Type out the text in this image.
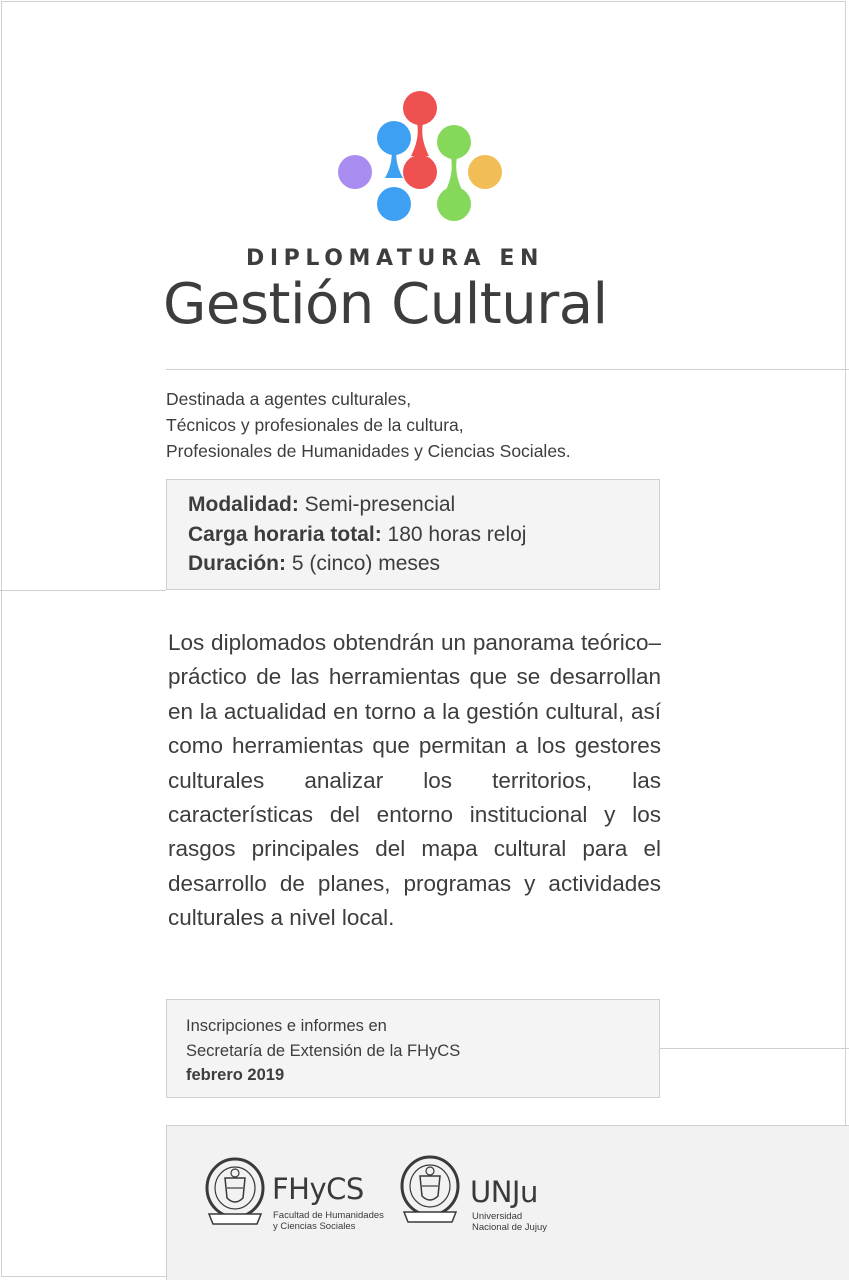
DIPLOMATURA EN
Gestión Cultural
Destinada a agentes culturales,
Técnicos y profesionales de la cultura,
Profesionales de Humanidades y Ciencias Sociales.
Modalidad: Semi-presencial
Carga horaria total: 180 horas reloj
Duración: 5 (cinco) meses
Los diplomados obtendrán un panorama teórico–práctico de las herramientas que se desarrollan en la actualidad en torno a la gestión cultural, así como herramientas que permitan a los gestores culturales analizar los territorios, las características del entorno institucional y los rasgos principales del mapa cultural para el desarrollo de planes, programas y actividades culturales a nivel local.
Inscripciones e informes en
Secretaría de Extensión de la FHyCS
febrero 2019
FHyCS
Facultad de Humanidades
y Ciencias Sociales
UNJu
Universidad
Nacional de Jujuy
